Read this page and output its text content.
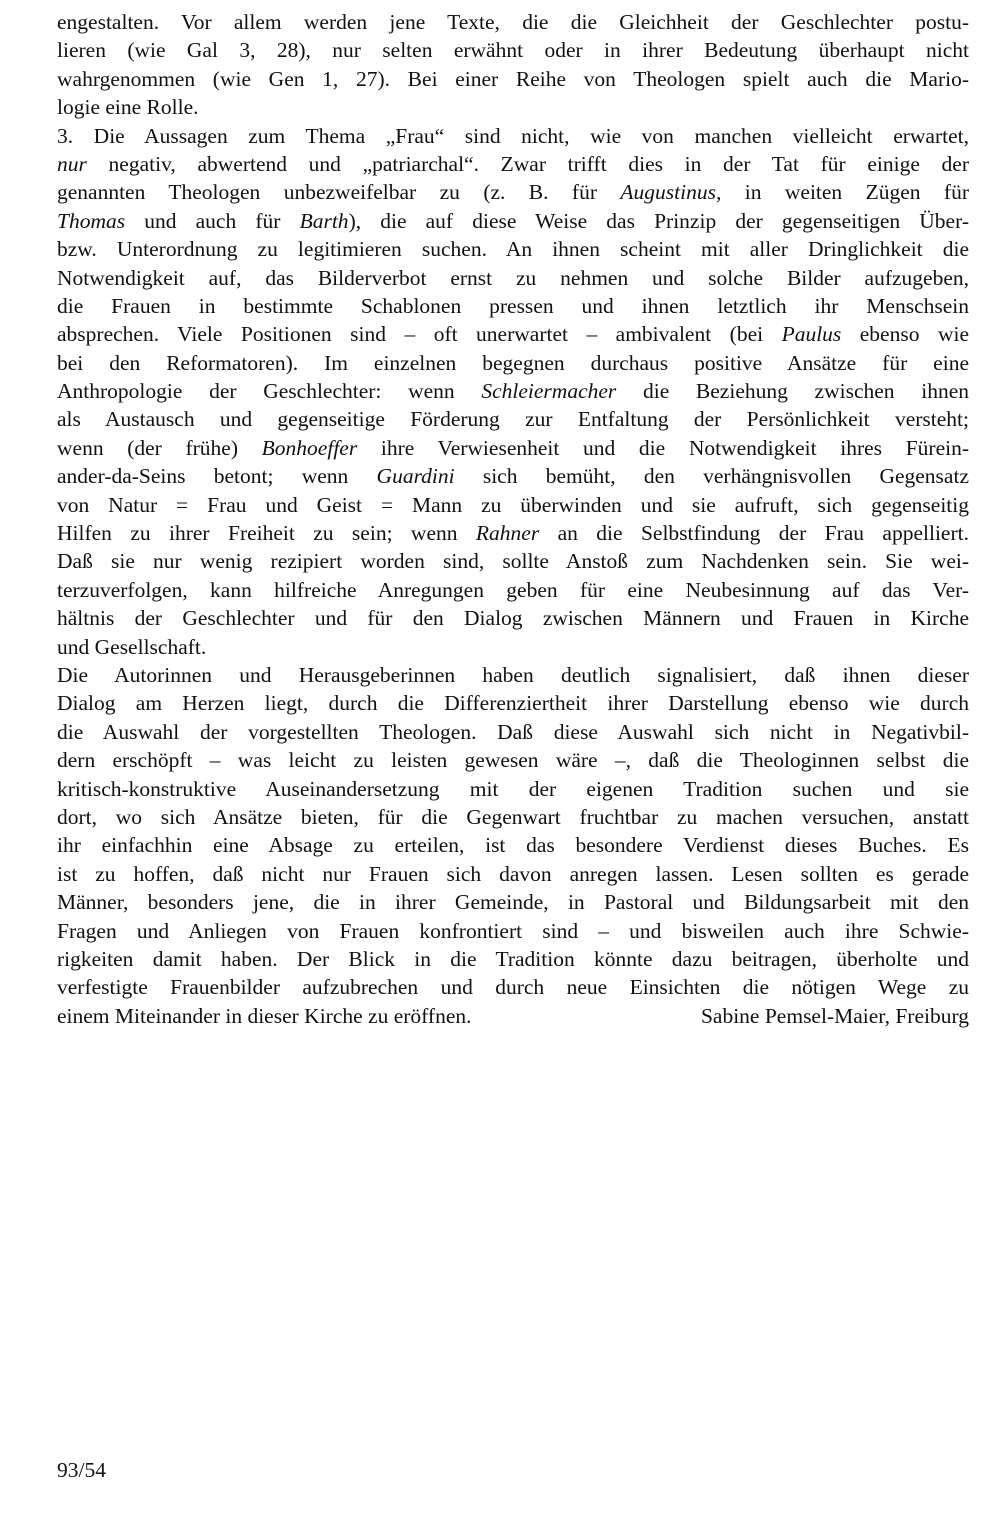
engestalten. Vor allem werden jene Texte, die die Gleichheit der Geschlechter postu-
lieren (wie Gal 3, 28), nur selten erwähnt oder in ihrer Bedeutung überhaupt nicht
wahrgenommen (wie Gen 1, 27). Bei einer Reihe von Theologen spielt auch die Mario-
logie eine Rolle.
3. Die Aussagen zum Thema „Frau“ sind nicht, wie von manchen vielleicht erwartet,
nur negativ, abwertend und „patriarchal“. Zwar trifft dies in der Tat für einige der
genannten Theologen unbezweifelbar zu (z. B. für Augustinus, in weiten Zügen für
Thomas und auch für Barth), die auf diese Weise das Prinzip der gegenseitigen Über-
bzw. Unterordnung zu legitimieren suchen. An ihnen scheint mit aller Dringlichkeit die
Notwendigkeit auf, das Bilderverbot ernst zu nehmen und solche Bilder aufzugeben,
die Frauen in bestimmte Schablonen pressen und ihnen letztlich ihr Menschsein
absprechen. Viele Positionen sind – oft unerwartet – ambivalent (bei Paulus ebenso wie
bei den Reformatoren). Im einzelnen begegnen durchaus positive Ansätze für eine
Anthropologie der Geschlechter: wenn Schleiermacher die Beziehung zwischen ihnen
als Austausch und gegenseitige Förderung zur Entfaltung der Persönlichkeit versteht;
wenn (der frühe) Bonhoeffer ihre Verwiesenheit und die Notwendigkeit ihres Fürein-
ander-da-Seins betont; wenn Guardini sich bemüht, den verhängnisvollen Gegensatz
von Natur = Frau und Geist = Mann zu überwinden und sie aufruft, sich gegenseitig
Hilfen zu ihrer Freiheit zu sein; wenn Rahner an die Selbstfindung der Frau appelliert.
Daß sie nur wenig rezipiert worden sind, sollte Anstoß zum Nachdenken sein. Sie wei-
terzuverfolgen, kann hilfreiche Anregungen geben für eine Neubesinnung auf das Ver-
hältnis der Geschlechter und für den Dialog zwischen Männern und Frauen in Kirche
und Gesellschaft.
Die Autorinnen und Herausgeberinnen haben deutlich signalisiert, daß ihnen dieser
Dialog am Herzen liegt, durch die Differenziertheit ihrer Darstellung ebenso wie durch
die Auswahl der vorgestellten Theologen. Daß diese Auswahl sich nicht in Negativbil-
dern erschöpft – was leicht zu leisten gewesen wäre –, daß die Theologinnen selbst die
kritisch-konstruktive Auseinandersetzung mit der eigenen Tradition suchen und sie
dort, wo sich Ansätze bieten, für die Gegenwart fruchtbar zu machen versuchen, anstatt
ihr einfachhin eine Absage zu erteilen, ist das besondere Verdienst dieses Buches. Es
ist zu hoffen, daß nicht nur Frauen sich davon anregen lassen. Lesen sollten es gerade
Männer, besonders jene, die in ihrer Gemeinde, in Pastoral und Bildungsarbeit mit den
Fragen und Anliegen von Frauen konfrontiert sind – und bisweilen auch ihre Schwie-
rigkeiten damit haben. Der Blick in die Tradition könnte dazu beitragen, überholte und
verfestigte Frauenbilder aufzubrechen und durch neue Einsichten die nötigen Wege zu
einem Miteinander in dieser Kirche zu eröffnen.	Sabine Pemsel-Maier, Freiburg
93/54
